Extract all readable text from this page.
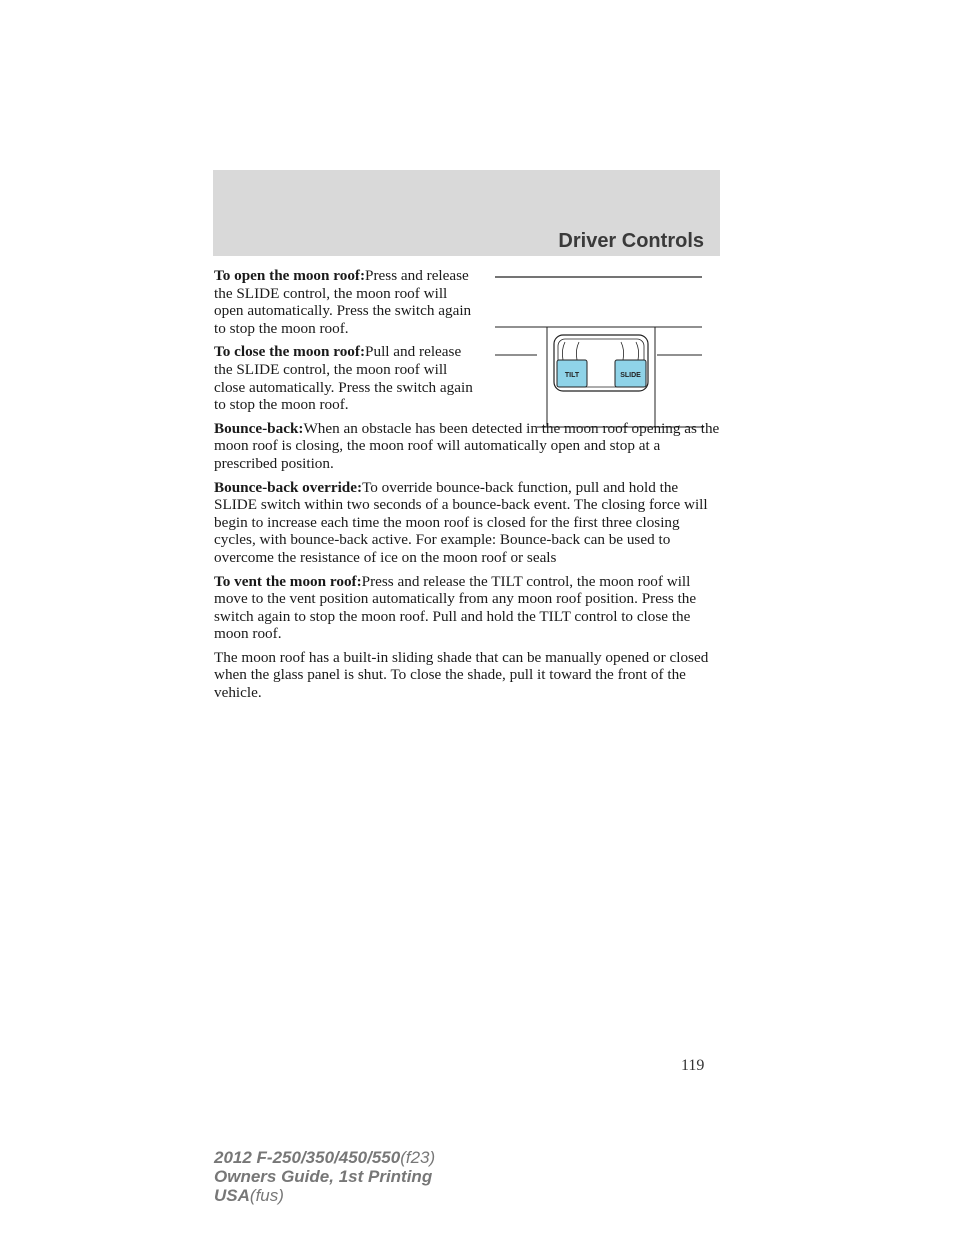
Driver Controls
TILT	SLIDE

To open the moon roof:Press and release the SLIDE control, the moon roof will open automatically. Press the switch again to stop the moon roof.

To close the moon roof:Pull and release the SLIDE control, the moon roof will close automatically. Press the switch again to stop the moon roof.

Bounce-back:When an obstacle has been detected in the moon roof opening as the moon roof is closing, the moon roof will automatically open and stop at a prescribed position.

Bounce-back override:To override bounce-back function, pull and hold the SLIDE switch within two seconds of a bounce-back event. The closing force will begin to increase each time the moon roof is closed for the first three closing cycles, with bounce-back active. For example: Bounce-back can be used to overcome the resistance of ice on the moon roof or seals

To vent the moon roof:Press and release the TILT control, the moon roof will move to the vent position automatically from any moon roof position. Press the switch again to stop the moon roof. Pull and hold the TILT control to close the moon roof.

The moon roof has a built-in sliding shade that can be manually opened or closed when the glass panel is shut. To close the shade, pull it toward the front of the vehicle.

119
2012 F-250/350/450/550(f23)
Owners Guide, 1st Printing
USA(fus)
